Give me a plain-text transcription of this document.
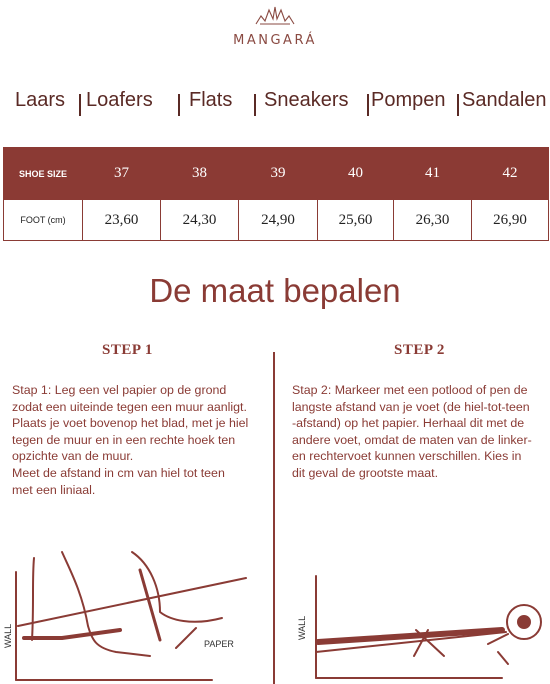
MANGARÁ
Laars Loafers Flats Sneakers Pompen Sandalen
SHOE SIZE	37	38	39	40	41	42
FOOT (cm)	23,60	24,30	24,90	25,60	26,30	26,90
De maat bepalen
STEP 1	STEP 2
Stap 1: Leg een vel papier op de grond
zodat een uiteinde tegen een muur aanligt.
Plaats je voet bovenop het blad, met je hiel
tegen de muur en in een rechte hoek ten
opzichte van de muur.
Meet de afstand in cm van hiel tot teen
met een liniaal.
Stap 2: Markeer met een potlood of pen de
langste afstand van je voet (de hiel-tot-teen
-afstand) op het papier. Herhaal dit met de
andere voet, omdat de maten van de linker-
en rechtervoet kunnen verschillen. Kies in
dit geval de grootste maat.
WALL	PAPER
WALL
